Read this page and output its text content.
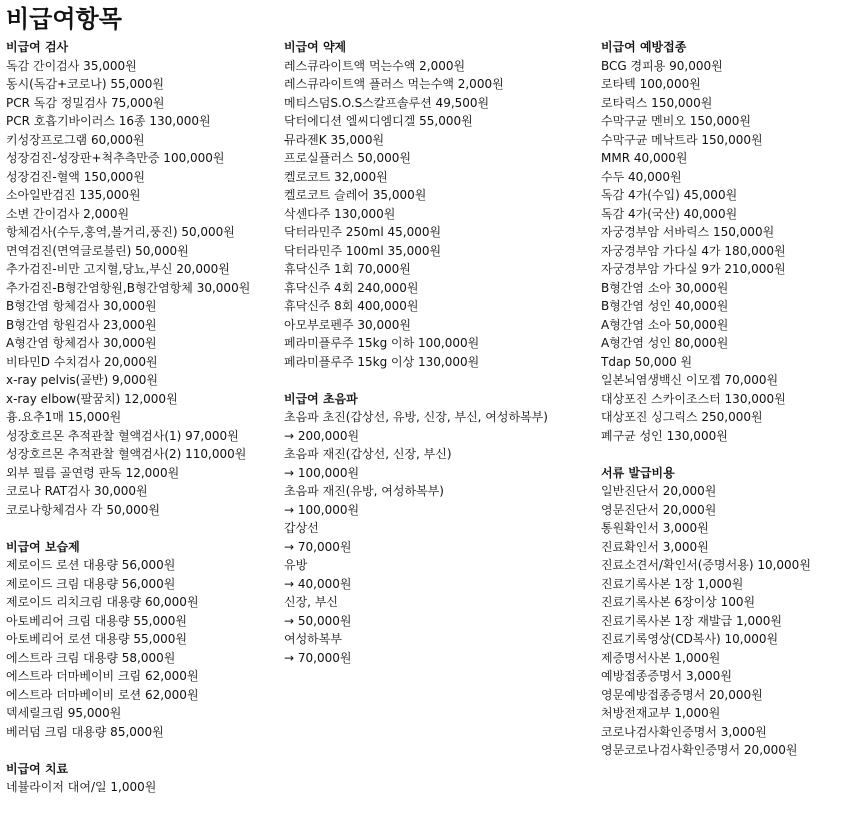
비급여항목
비급여 검사
독감 간이검사 35,000원
동시(독감+코로나) 55,000원
PCR 독감 정밀검사 75,000원
PCR 호흡기바이러스 16종 130,000원
키성장프로그램 60,000원
성장검진-성장판+척추측만증 100,000원
성장검진-혈액 150,000원
소아일반검진 135,000원
소변 간이검사 2,000원
항체검사(수두,홍역,볼거리,풍진) 50,000원
면역검진(면역글로불린) 50,000원
추가검진-비만 고지혈,당뇨,부신 20,000원
추가검진-B형간염항원,B형간염항체 30,000원
B형간염 항체검사 30,000원
B형간염 항원검사 23,000원
A형간염 항체검사 30,000원
비타민D 수치검사 20,000원
x-ray pelvis(골반) 9,000원
x-ray elbow(팔꿈치) 12,000원
흉.요추1매 15,000원
성장호르몬 추적관찰 혈액검사(1) 97,000원
성장호르몬 추적관찰 혈액검사(2) 110,000원
외부 필름 골연령 판독 12,000원
코로나 RAT검사 30,000원
코로나항체검사 각 50,000원
비급여 보습제
제로이드 로션 대용량 56,000원
제로이드 크림 대용량 56,000원
제로이드 리치크림 대용량 60,000원
아토베리어 크림 대용량 55,000원
아토베리어 로션 대용량 55,000원
에스트라 크림 대용량 58,000원
에스트라 더마베이비 크림 62,000원
에스트라 더마베이비 로션 62,000원
덱세릴크림 95,000원
베러덤 크림 대용량 85,000원
비급여 치료
네뷸라이저 대여/일 1,000원
비급여 약제
레스큐라이트액 먹는수액 2,000원
레스큐라이트액 플러스 먹는수액 2,000원
메티스덤S.O.S스칼프솔루션 49,500원
닥터에디션 엘씨디엠디겔 55,000원
뮤라젠K 35,000원
프로실플러스 50,000원
켈로코트 32,000원
켈로코트 슬레어 35,000원
삭센다주 130,000원
닥터라민주 250ml 45,000원
닥터라민주 100ml 35,000원
휴닥신주 1회 70,000원
휴닥신주 4회 240,000원
휴닥신주 8회 400,000원
아모부로펜주 30,000원
페라미플루주 15kg 이하 100,000원
페라미플루주 15kg 이상 130,000원
비급여 초음파
초음파 초진(갑상선, 유방, 신장, 부신, 여성하복부)
→ 200,000원
초음파 재진(갑상선, 신장, 부신)
→ 100,000원
초음파 재진(유방, 여성하복부)
→ 100,000원
갑상선
→ 70,000원
유방
→ 40,000원
신장, 부신
→ 50,000원
여성하복부
→ 70,000원
비급여 예방접종
BCG 경피용 90,000원
로타텍 100,000원
로타릭스 150,000원
수막구균 멘비오 150,000원
수막구균 메낙트라 150,000원
MMR 40,000원
수두 40,000원
독감 4가(수입) 45,000원
독감 4가(국산) 40,000원
자궁경부암 서바릭스 150,000원
자궁경부암 가다실 4가 180,000원
자궁경부암 가다실 9가 210,000원
B형간염 소아 30,000원
B형간염 성인 40,000원
A형간염 소아 50,000원
A형간염 성인 80,000원
Tdap 50,000 원
일본뇌염생백신 이모젭 70,000원
대상포진 스카이조스터 130,000원
대상포진 싱그릭스 250,000원
폐구균 성인 130,000원
서류 발급비용
일반진단서 20,000원
영문진단서 20,000원
통원확인서 3,000원
진료확인서 3,000원
진료소견서/확인서(증명서용) 10,000원
진료기록사본 1장 1,000원
진료기록사본 6장이상 100원
진료기록사본 1장 재발급 1,000원
진료기록영상(CD복사) 10,000원
제증명서사본 1,000원
예방접종증명서 3,000원
영문예방접종증명서 20,000원
처방전재교부 1,000원
코로나검사확인증명서 3,000원
영문코로나검사확인증명서 20,000원
